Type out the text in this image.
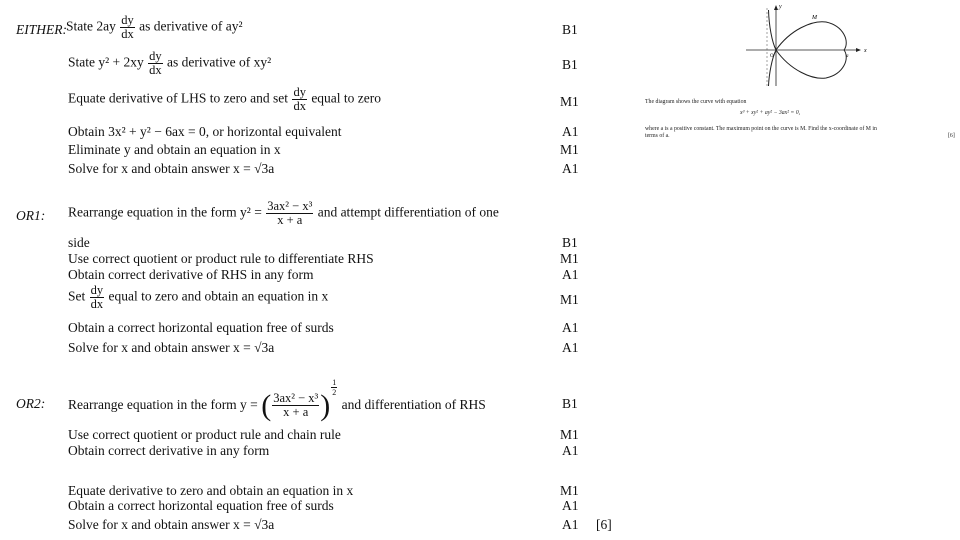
EITHER: State $2ay \frac{dy}{dx}$ as derivative of ay²	B1
State $y^2 + 2xy \frac{dy}{dx}$ as derivative of xy²	B1
Equate derivative of LHS to zero and set $\frac{dy}{dx}$ equal to zero	M1
Obtain 3x² + y² − 6ax = 0, or horizontal equivalent	A1
Eliminate y and obtain an equation in x	M1
Solve for x and obtain answer x = √3a	A1
OR1: Rearrange equation in the form $y^2 = \frac{\text{3ax² − x³}}{x + a}$ and attempt differentiation of one
side	B1
Use correct quotient or product rule to differentiate RHS	M1
Obtain correct derivative of RHS in any form	A1
Set $\frac{dy}{dx}$ equal to zero and obtain an equation in x	M1
Obtain a correct horizontal equation free of surds	A1
Solve for x and obtain answer x = √3a	A1
OR2: Rearrange equation in the form y = ( $\frac{\text{3ax² − x³}}{x + a}$ )
$\frac{1}{2}$
and differentiation of RHS	B1
Use correct quotient or product rule and chain rule	M1
Obtain correct derivative in any form	A1
Equate derivative to zero and obtain an equation in x	M1
Obtain a correct horizontal equation free of surds	A1
Solve for x and obtain answer x = √3a	A1 [6]
y
x
M
O	a
The diagram shows the curve with equation
x³ + xy² + ay² − 3ax² = 0,
where a is a positive constant. The maximum point on the curve is M. Find the x-coordinate of M in
terms of a.	[6]
